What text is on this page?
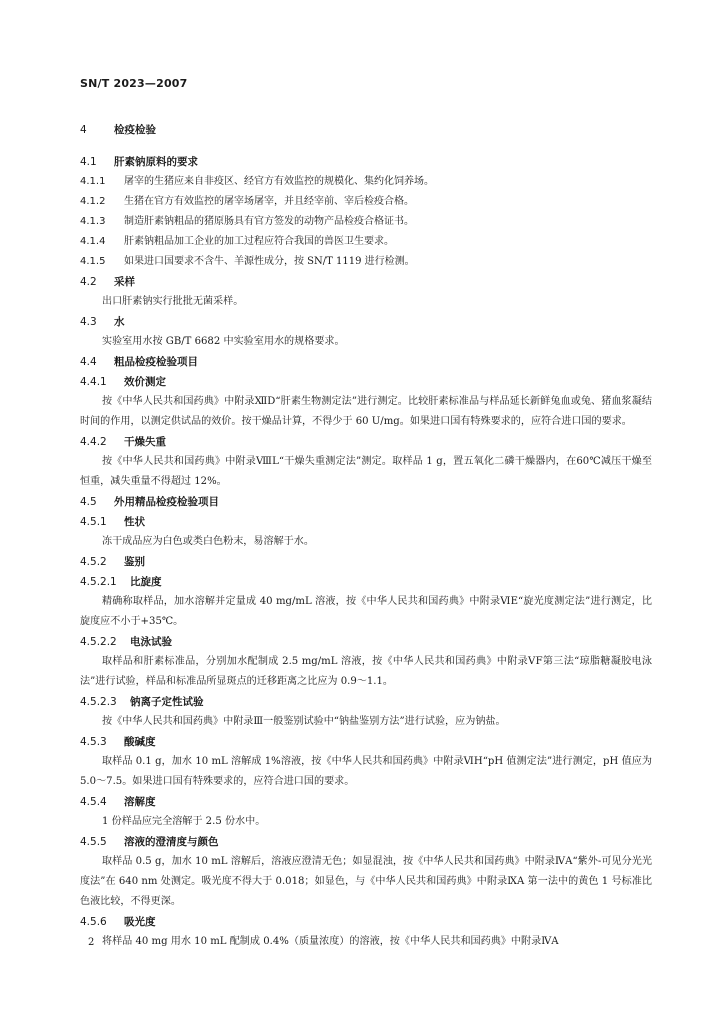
SN/T 2023—2007
4	检疫检验
4.1 肝素钠原料的要求
4.1.1 屠宰的生猪应来自非疫区、经官方有效监控的规模化、集约化饲养场。
4.1.2 生猪在官方有效监控的屠宰场屠宰，并且经宰前、宰后检疫合格。
4.1.3 制造肝素钠粗品的猪原肠具有官方签发的动物产品检疫合格证书。
4.1.4 肝素钠粗品加工企业的加工过程应符合我国的兽医卫生要求。
4.1.5 如果进口国要求不含牛、羊源性成分，按 SN/T 1119 进行检测。
4.2 采样

出口肝素钠实行批批无菌采样。

4.3 水

实验室用水按 GB/T 6682 中实验室用水的规格要求。

4.4 粗品检疫检验项目
4.4.1 效价测定

按《中华人民共和国药典》中附录ⅫD“肝素生物测定法”进行测定。比较肝素标准品与样品延长新鲜兔血或兔、猪血浆凝结时间的作用，以测定供试品的效价。按干燥品计算，不得少于 60 U/mg。如果进口国有特殊要求的，应符合进口国的要求。

4.4.2 干燥失重

按《中华人民共和国药典》中附录ⅧL“干燥失重测定法”测定。取样品 1 g，置五氧化二磷干燥器内，在60℃减压干燥至恒重，减失重量不得超过 12%。

4.5 外用精品检疫检验项目
4.5.1 性状

冻干成品应为白色或类白色粉末，易溶解于水。

4.5.2 鉴别
4.5.2.1 比旋度

精确称取样品，加水溶解并定量成 40 mg/mL 溶液，按《中华人民共和国药典》中附录ⅥE“旋光度测定法”进行测定，比旋度应不小于+35℃。

4.5.2.2 电泳试验

取样品和肝素标准品，分别加水配制成 2.5 mg/mL 溶液，按《中华人民共和国药典》中附录ⅤF第三法“琼脂糖凝胶电泳法”进行试验，样品和标准品所显斑点的迁移距离之比应为 0.9～1.1。

4.5.2.3 钠离子定性试验

按《中华人民共和国药典》中附录Ⅲ一般鉴别试验中“钠盐鉴别方法”进行试验，应为钠盐。

4.5.3 酸碱度

取样品 0.1 g，加水 10 mL 溶解成 1%溶液，按《中华人民共和国药典》中附录ⅥH“pH 值测定法”进行测定，pH 值应为 5.0～7.5。如果进口国有特殊要求的，应符合进口国的要求。

4.5.4 溶解度

1 份样品应完全溶解于 2.5 份水中。

4.5.5 溶液的澄清度与颜色

取样品 0.5 g，加水 10 mL 溶解后，溶液应澄清无色；如显混浊，按《中华人民共和国药典》中附录ⅣA“紫外-可见分光光度法”在 640 nm 处测定。吸光度不得大于 0.018；如显色，与《中华人民共和国药典》中附录ⅨA 第一法中的黄色 1 号标准比色液比较，不得更深。

4.5.6 吸光度

将样品 40 mg 用水 10 mL 配制成 0.4%（质量浓度）的溶液，按《中华人民共和国药典》中附录ⅣA

2
